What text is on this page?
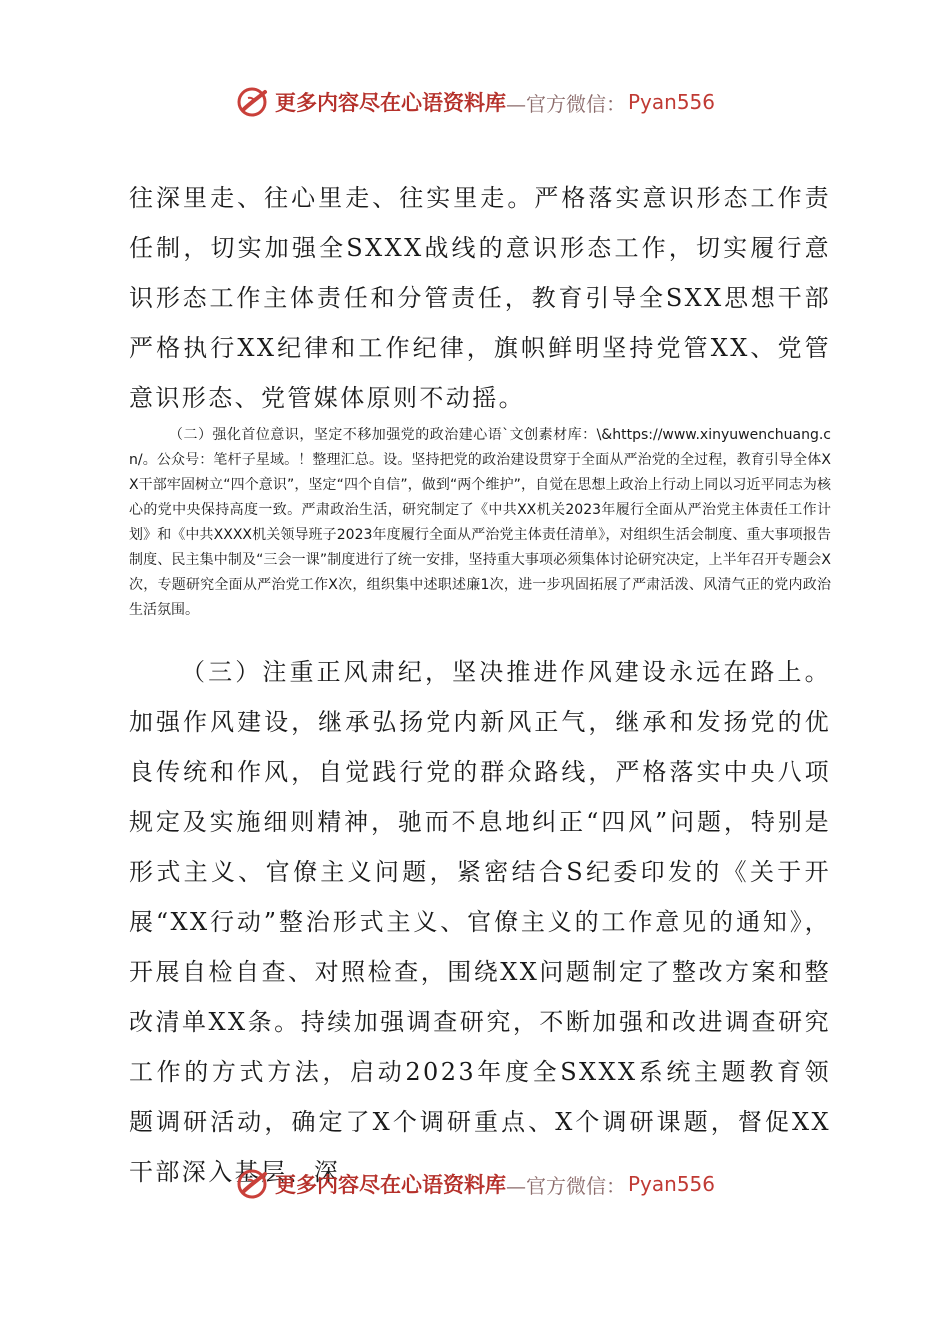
更多内容尽在心语资料库 —官方微信： Pyan556

往深里走、往心里走、往实里走。严格落实意识形态工作责任制，切实加强全SXXX战线的意识形态工作，切实履行意识形态工作主体责任和分管责任，教育引导全SXX思想干部严格执行XX纪律和工作纪律，旗帜鲜明坚持党管XX、党管意识形态、党管媒体原则不动摇。

（二）强化首位意识，坚定不移加强党的政治建心语`文创素材库：\&https://www.xinyuwenchuang.cn/。公众号：笔杆子星域。！整理汇总。设。坚持把党的政治建设贯穿于全面从严治党的全过程，教育引导全体XX干部牢固树立“四个意识”，坚定“四个自信”，做到“两个维护”，自觉在思想上政治上行动上同以习近平同志为核心的党中央保持高度一致。严肃政治生活，研究制定了《中共XX机关2023年履行全面从严治党主体责任工作计划》和《中共XXXX机关领导班子2023年度履行全面从严治党主体责任清单》，对组织生活会制度、重大事项报告制度、民主集中制及“三会一课”制度进行了统一安排，坚持重大事项必须集体讨论研究决定，上半年召开专题会X次，专题研究全面从严治党工作X次，组织集中述职述廉1次，进一步巩固拓展了严肃活泼、风清气正的党内政治生活氛围。

（三）注重正风肃纪，坚决推进作风建设永远在路上。加强作风建设，继承弘扬党内新风正气，继承和发扬党的优良传统和作风，自觉践行党的群众路线，严格落实中央八项规定及实施细则精神，驰而不息地纠正“四风”问题，特别是形式主义、官僚主义问题，紧密结合S纪委印发的《关于开展“XX行动”整治形式主义、官僚主义的工作意见的通知》，开展自检自查、对照检查，围绕XX问题制定了整改方案和整改清单XX条。持续加强调查研究，不断加强和改进调查研究工作的方式方法，启动2023年度全SXXX系统主题教育领题调研活动，确定了X个调研重点、X个调研课题，督促XX干部深入基层、深

更多内容尽在心语资料库 —官方微信： Pyan556
